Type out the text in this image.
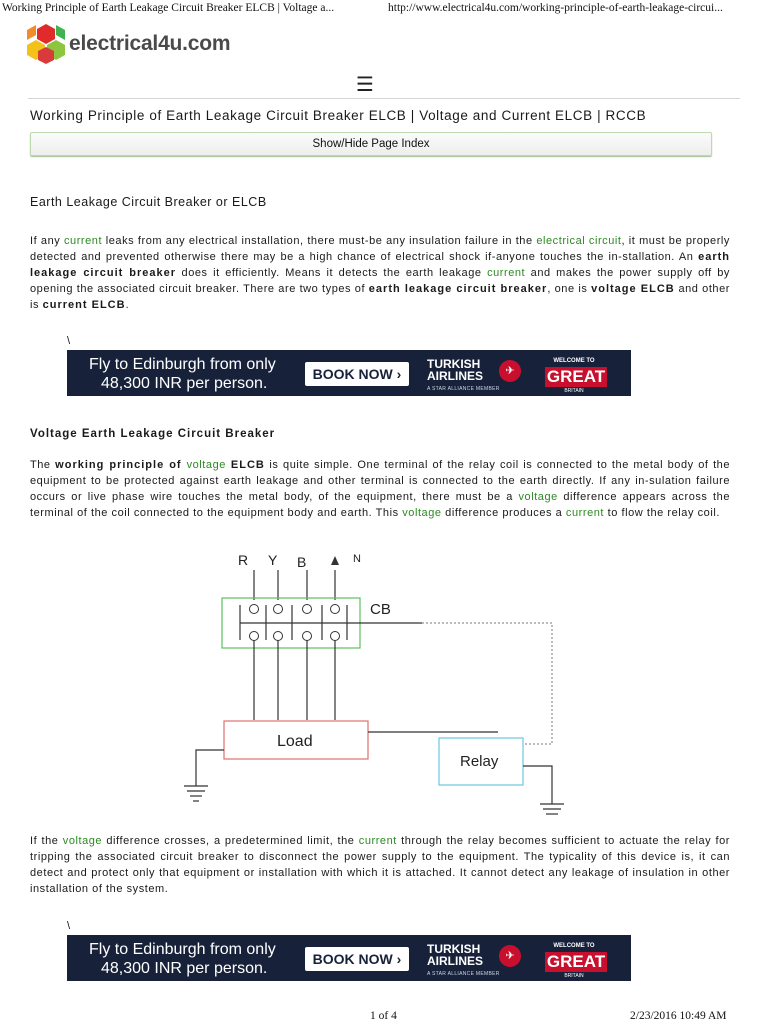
Working Principle of Earth Leakage Circuit Breaker ELCB | Voltage a...	http://www.electrical4u.com/working-principle-of-earth-leakage-circui...
electrical4u.com
☰
Working Principle of Earth Leakage Circuit Breaker ELCB | Voltage and Current ELCB | RCCB
Show/Hide Page Index
Earth Leakage Circuit Breaker or ELCB
If any current leaks from any electrical installation, there must-be any insulation failure in the electrical circuit, it must be properly detected and prevented otherwise there may be a high chance of electrical shock if-anyone touches the in-stallation. An earth leakage circuit breaker does it efficiently. Means it detects the earth leakage current and makes the power supply off by opening the associated circuit breaker. There are two types of earth leakage circuit breaker, one is voltage ELCB and other is current ELCB.
\
Fly to Edinburgh from only
48,300 INR per person.
BOOK NOW ›
TURKISH AIRLINES
A STAR ALLIANCE MEMBER
✈
WELCOME TO
GREAT
BRITAIN
Voltage Earth Leakage Circuit Breaker
The working principle of voltage ELCB is quite simple. One terminal of the relay coil is connected to the metal body of the equipment to be protected against earth leakage and other terminal is connected to the earth directly. If any in-sulation failure occurs or live phase wire touches the metal body, of the equipment, there must be a voltage difference appears across the terminal of the coil connected to the equipment body and earth. This voltage difference produces a current to flow the relay coil.
R Y B	N
CB
Load
Relay
If the voltage difference crosses, a predetermined limit, the current through the relay becomes sufficient to actuate the relay for tripping the associated circuit breaker to disconnect the power supply to the equipment. The typicality of this device is, it can detect and protect only that equipment or installation with which it is attached. It cannot detect any leakage of insulation in other installation of the system.
\
Fly to Edinburgh from only
48,300 INR per person.
BOOK NOW ›
TURKISH AIRLINES
A STAR ALLIANCE MEMBER
✈
WELCOME TO
GREAT
BRITAIN
1 of 4	2/23/2016 10:49 AM
